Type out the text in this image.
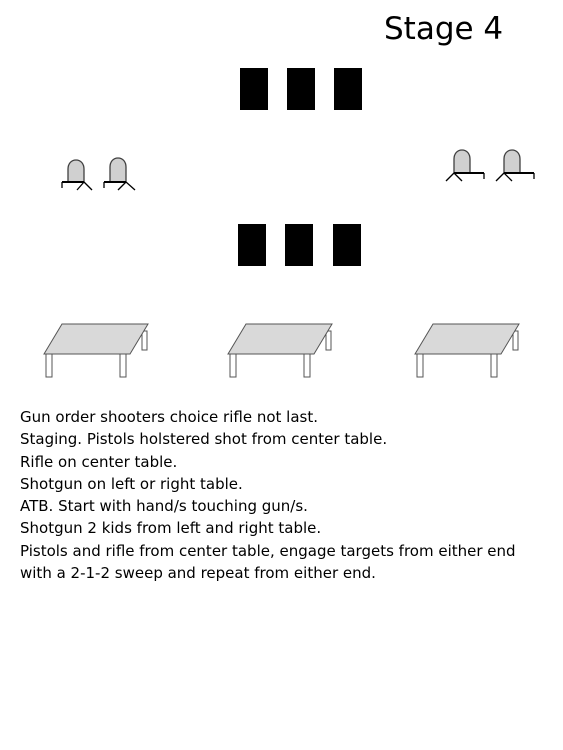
Stage 4
Gun order shooters choice rifle not last.
Staging. Pistols holstered shot from center table.
Rifle on center table.
Shotgun on left or right table.
ATB. Start with hand/s touching gun/s.
Shotgun 2 kids from left and right table.
Pistols and rifle from center table, engage targets from either end
with a 2-1-2 sweep and repeat from either end.
